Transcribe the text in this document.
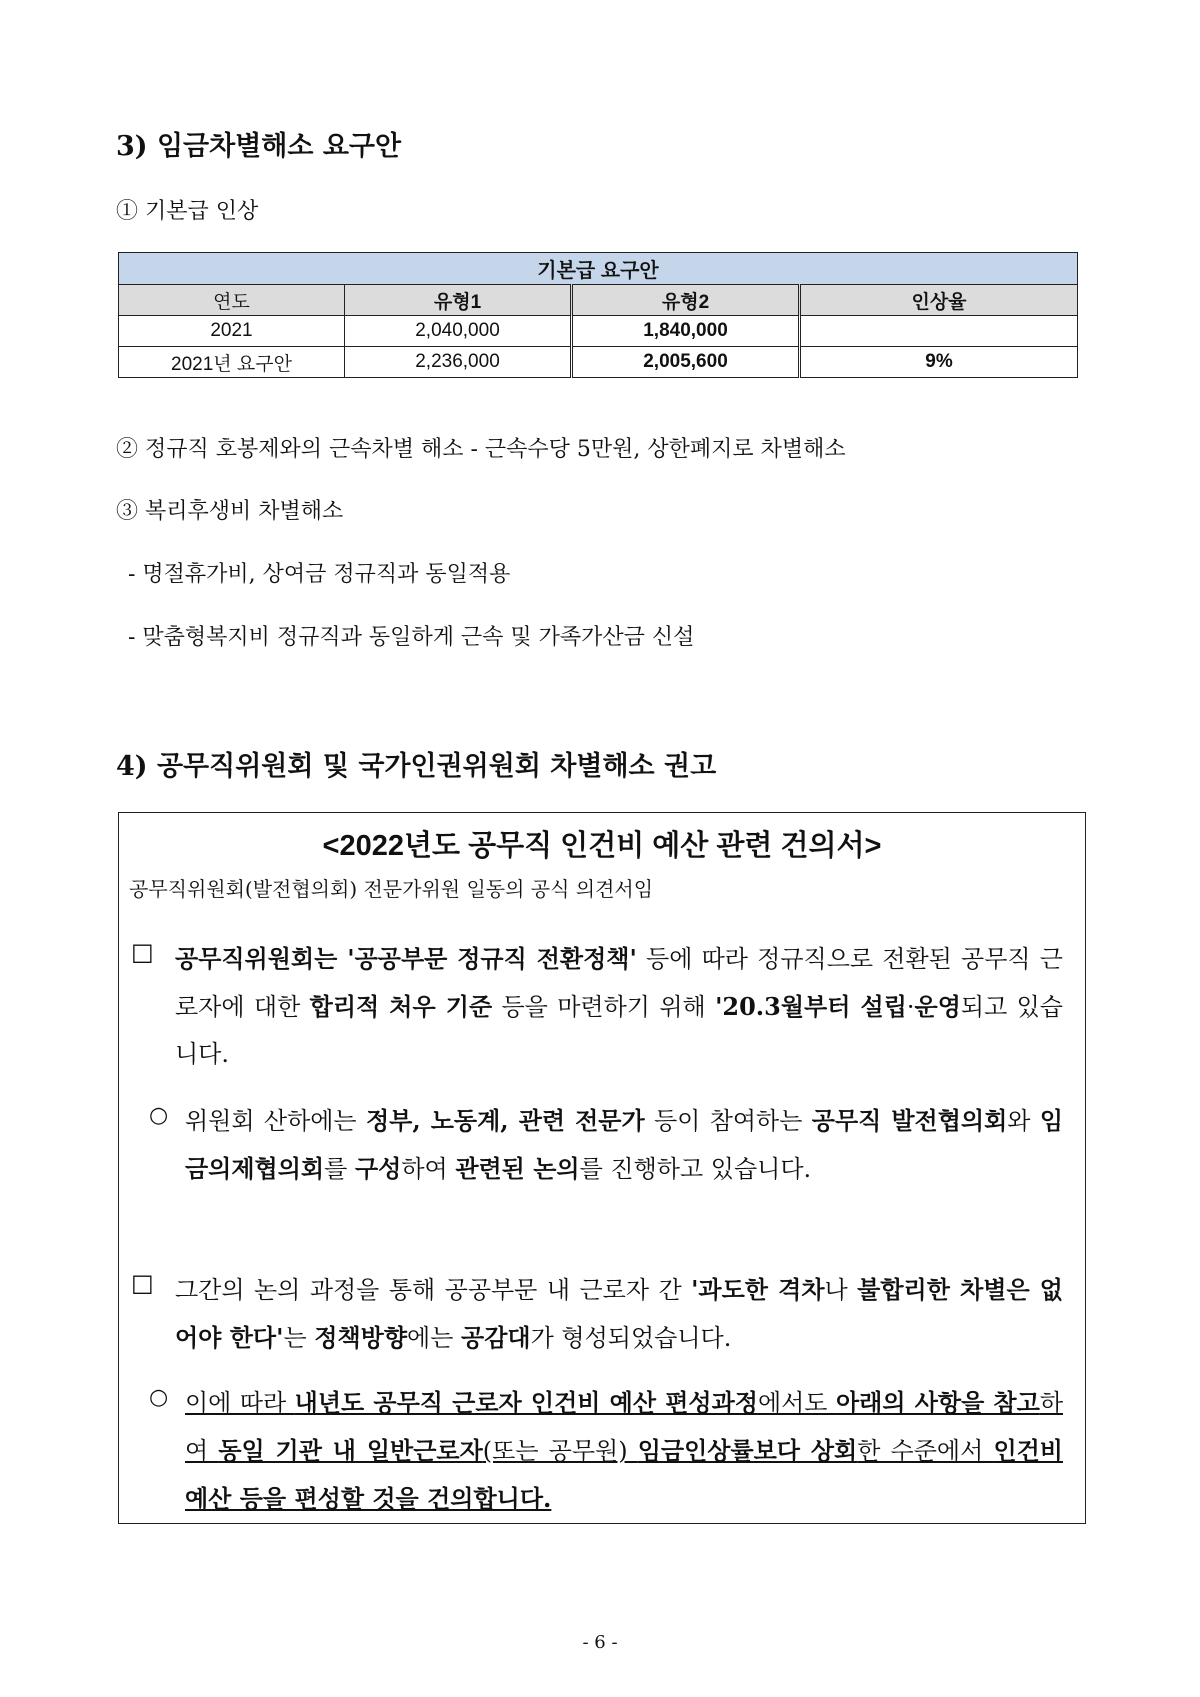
3) 임금차별해소 요구안
① 기본급 인상
기본급 요구안			
연도	유형1	유형2	인상율
2021	2,040,000	1,840,000	
2021년 요구안	2,236,000	2,005,600	9%
② 정규직 호봉제와의 근속차별 해소 - 근속수당 5만원, 상한폐지로 차별해소
③ 복리후생비 차별해소
- 명절휴가비, 상여금 정규직과 동일적용
- 맞춤형복지비 정규직과 동일하게 근속 및 가족가산금 신설
4) 공무직위원회 및 국가인권위원회 차별해소 권고
<2022년도 공무직 인건비 예산 관련 건의서>
공무직위원회(발전협의회) 전문가위원 일동의 공식 의견서임
□ 공무직위원회는 '공공부문 정규직 전환정책' 등에 따라 정규직으로 전환된 공무직 근로자에 대한 합리적 처우 기준 등을 마련하기 위해 '20.3월부터 설립·운영되고 있습니다.
○ 위원회 산하에는 정부, 노동계, 관련 전문가 등이 참여하는 공무직 발전협의회와 임금의제협의회를 구성하여 관련된 논의를 진행하고 있습니다.
□ 그간의 논의 과정을 통해 공공부문 내 근로자 간 '과도한 격차나 불합리한 차별은 없어야 한다'는 정책방향에는 공감대가 형성되었습니다.
○ 이에 따라 내년도 공무직 근로자 인건비 예산 편성과정에서도 아래의 사항을 참고하여 동일 기관 내 일반근로자(또는 공무원) 임금인상률보다 상회한 수준에서 인건비 예산 등을 편성할 것을 건의합니다.
- 6 -
